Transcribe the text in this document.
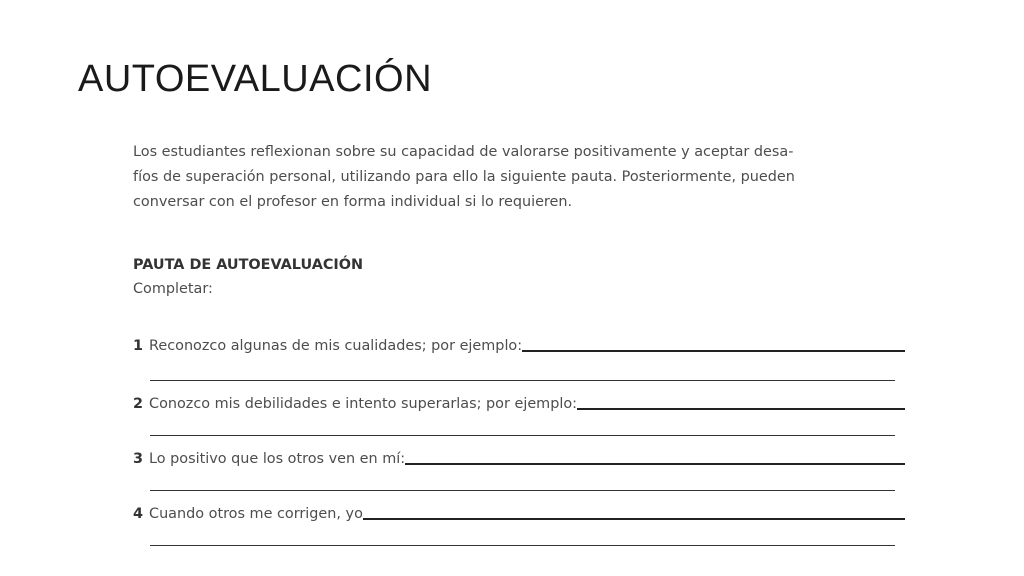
AUTOEVALUACIÓN

Los estudiantes reflexionan sobre su capacidad de valorarse positivamente y aceptar desa-
fíos de superación personal, utilizando para ello la siguiente pauta. Posteriormente, pueden
conversar con el profesor en forma individual si lo requieren.

PAUTA DE AUTOEVALUACIÓN
Completar:
1 Reconozco algunas de mis cualidades; por ejemplo:
2 Conozco mis debilidades e intento superarlas; por ejemplo:
3 Lo positivo que los otros ven en mí:
4 Cuando otros me corrigen, yo
